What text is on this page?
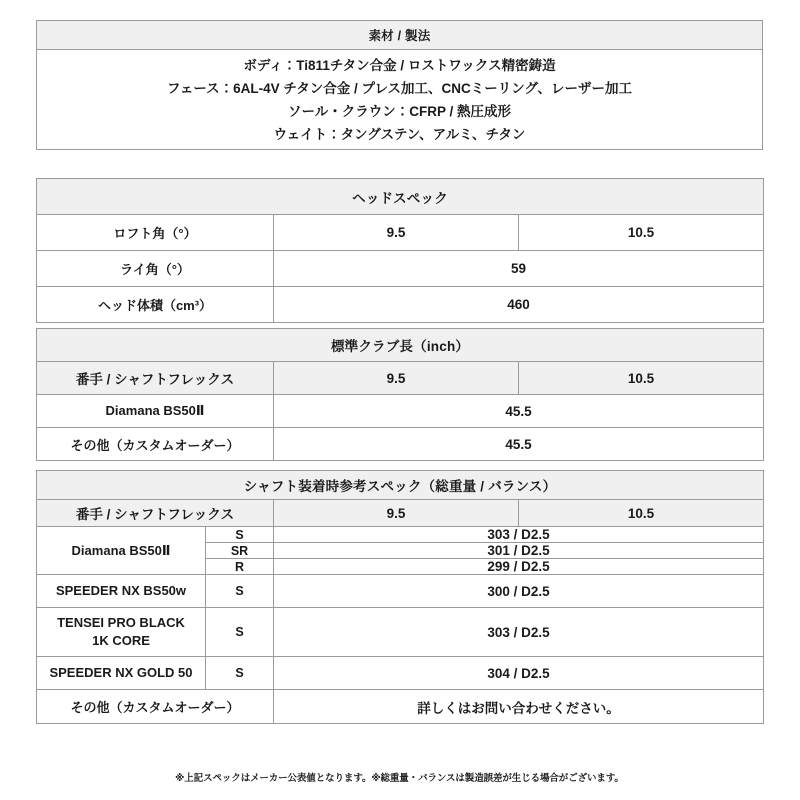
素材 / 製法

ボディ：Ti811チタン合金 / ロストワックス精密鋳造
フェース：6AL-4V チタン合金 / プレス加工、CNCミーリング、レーザー加工
ソール・クラウン：CFRP / 熱圧成形
ウェイト：タングステン、アルミ、チタン
ヘッドスペック		
ロフト角（°）	9.5	10.5
ライ角（°）	59	
ヘッド体積（cm³）	460	
標準クラブ長（inch）		
番手 / シャフトフレックス	9.5	10.5
Diamana BS50Ⅱ	45.5	
その他（カスタムオーダー）	45.5	
シャフト装着時参考スペック（総重量 / バランス）			
番手 / シャフトフレックス		9.5	10.5
Diamana BS50Ⅱ	S	303 / D2.5	
	SR	301 / D2.5	
	R	299 / D2.5	
SPEEDER NX BS50w	S	300 / D2.5	

TENSEI PRO BLACK
1K CORE	S	303 / D2.5	
SPEEDER NX GOLD 50	S	304 / D2.5	
その他（カスタムオーダー）		詳しくはお問い合わせください。	
※上記スペックはメーカー公表値となります。※総重量・バランスは製造誤差が生じる場合がございます。
